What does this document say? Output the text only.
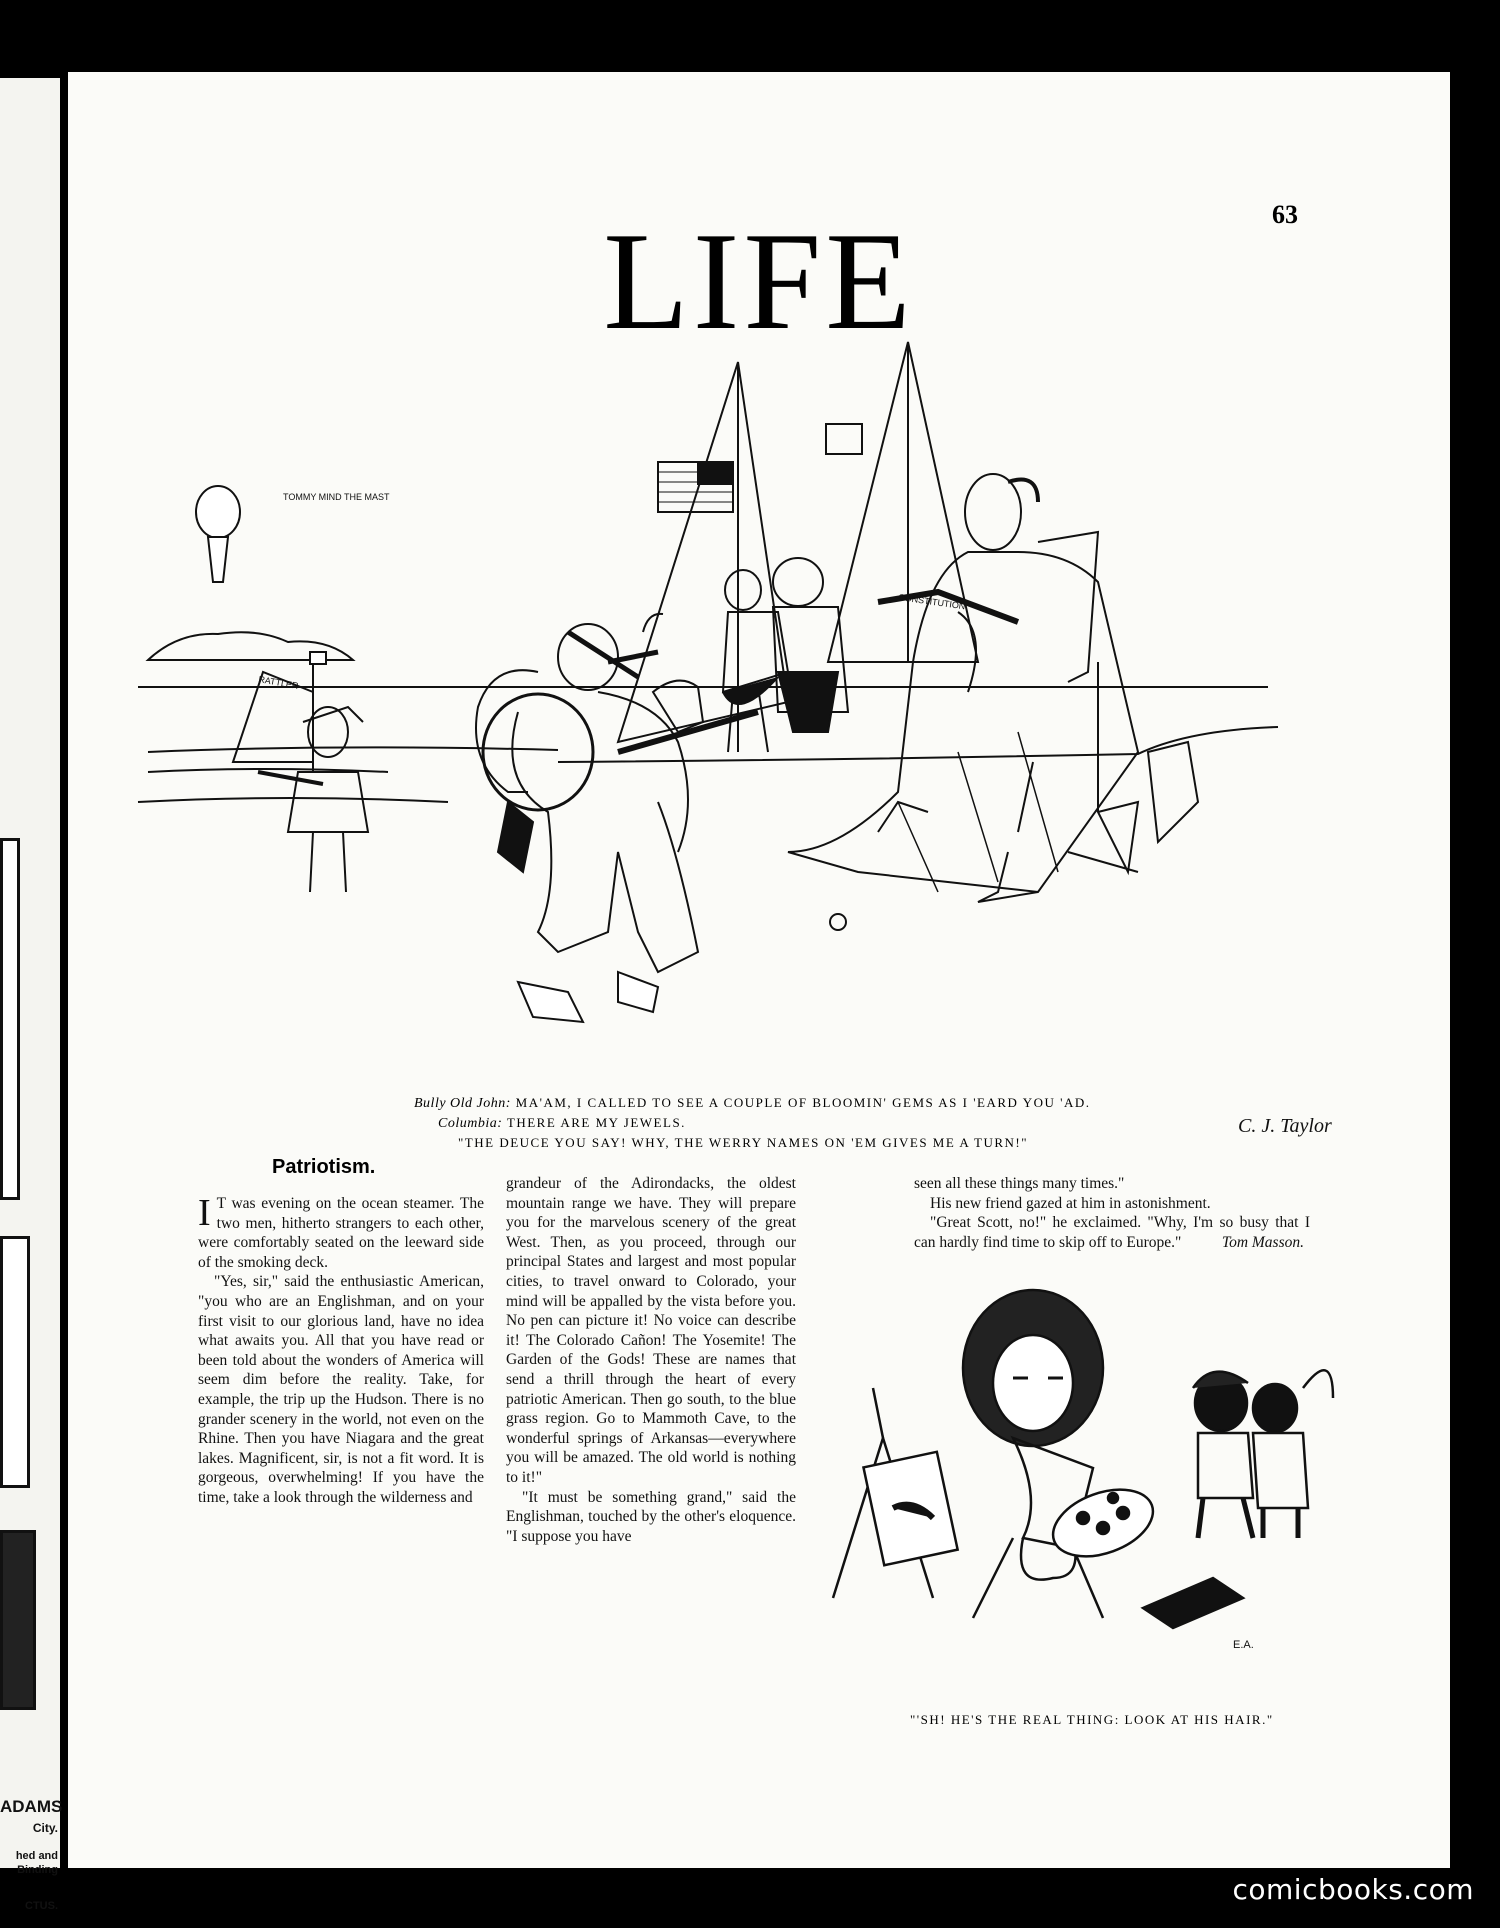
ADAMS
City.
hed and
Binding
CTUS.
63
LIFE
TOMMY MIND THE MAST
RATTLER
CONSTITUTION
C. J. Taylor
Bully Old John: MA'AM, I CALLED TO SEE A COUPLE OF BLOOMIN' GEMS AS I 'EARD YOU 'AD.
Columbia: THERE ARE MY JEWELS.
"THE DEUCE YOU SAY! WHY, THE WERRY NAMES ON 'EM GIVES ME A TURN!"
Patriotism.

I T was evening on the ocean steamer. The two men, hitherto strangers to each other, were comfortably seated on the leeward side of the smoking deck.

"Yes, sir," said the enthusiastic American, "you who are an Englishman, and on your first visit to our glorious land, have no idea what awaits you. All that you have read or been told about the wonders of America will seem dim before the reality. Take, for example, the trip up the Hudson. There is no grander scenery in the world, not even on the Rhine. Then you have Niagara and the great lakes. Magnificent, sir, is not a fit word. It is gorgeous, overwhelming! If you have the time, take a look through the wilderness and

grandeur of the Adirondacks, the oldest mountain range we have. They will prepare you for the marvelous scenery of the great West. Then, as you proceed, through our principal States and largest and most popular cities, to travel onward to Colorado, your mind will be appalled by the vista before you. No pen can picture it! No voice can describe it! The Colorado Cañon! The Yosemite! The Garden of the Gods! These are names that send a thrill through the heart of every patriotic American. Then go south, to the blue grass region. Go to Mammoth Cave, to the wonderful springs of Arkansas—everywhere you will be amazed. The old world is nothing to it!"

"It must be something grand," said the Englishman, touched by the other's eloquence. "I suppose you have

seen all these things many times."

His new friend gazed at him in astonishment.

"Great Scott, no!" he exclaimed. "Why, I'm so busy that I can hardly find time to skip off to Europe."	Tom Masson.

E.A.
"'SH! HE'S THE REAL THING: LOOK AT HIS HAIR."
comicbooks.com
